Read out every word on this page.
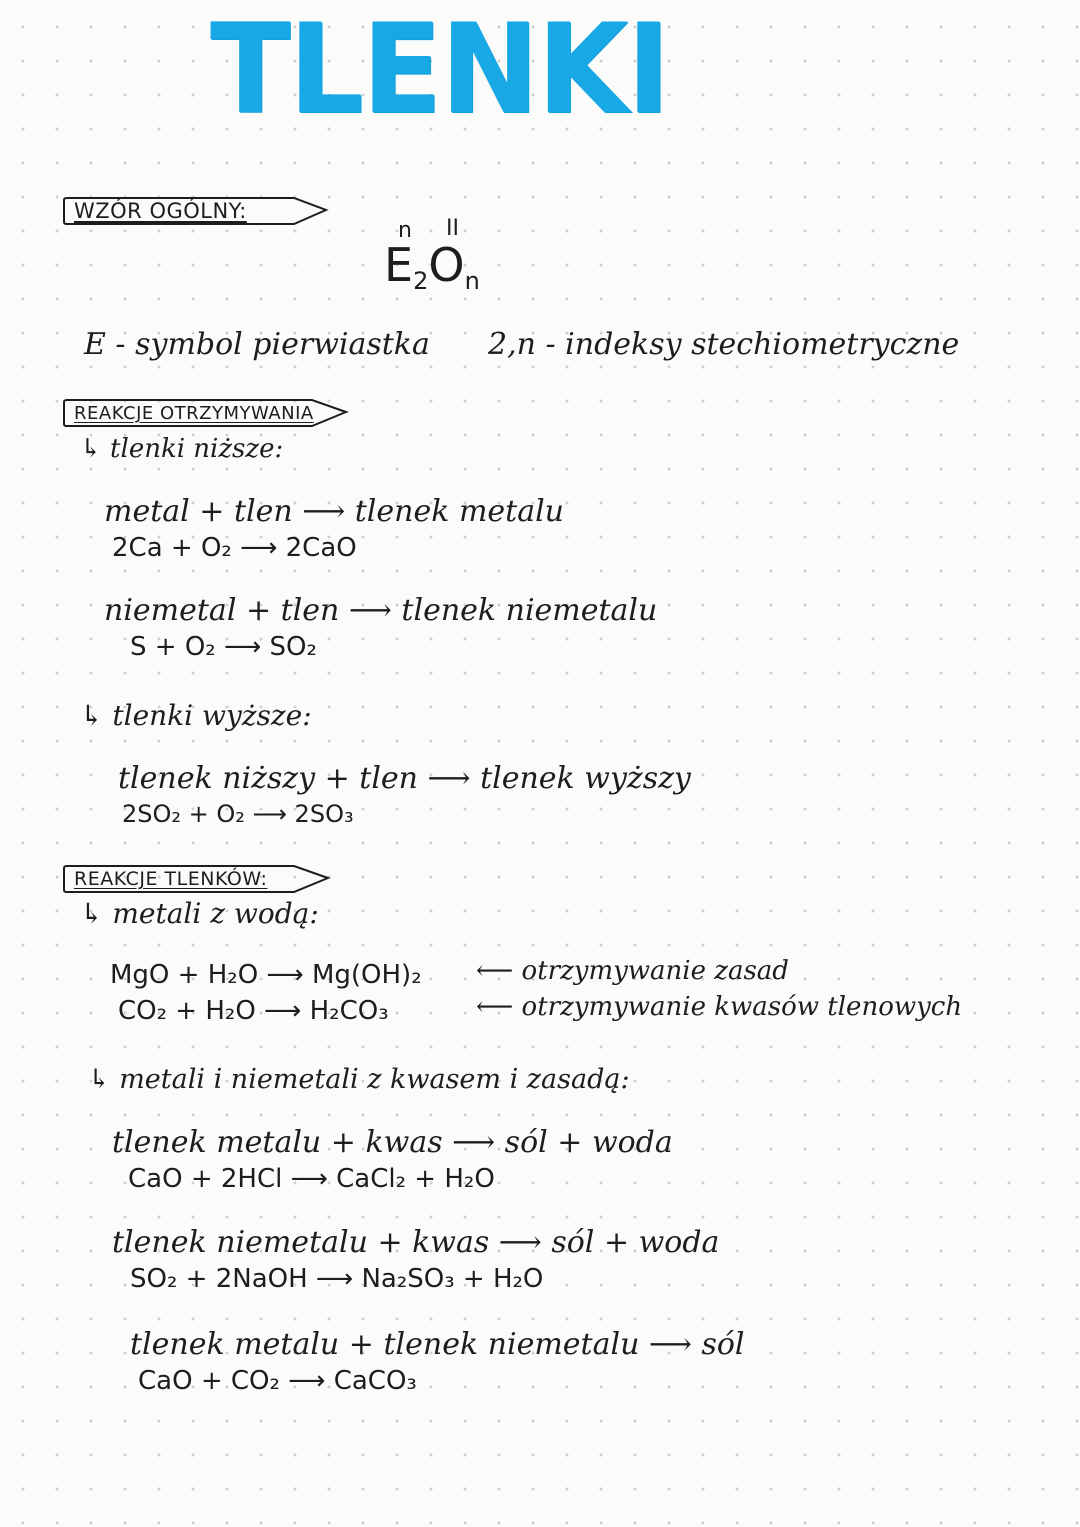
TLENKI
WZÓR OGÓLNY:
n II
$E_2O_n$
E - symbol pierwiastka 2,n - indeksy stechiometryczne
REAKCJE OTRZYMYWANIA
↳ tlenki niższe:
metal + tlen ⟶ tlenek metalu
2Ca + O₂ ⟶ 2CaO
niemetal + tlen ⟶ tlenek niemetalu
S + O₂ ⟶ SO₂
↳ tlenki wyższe:
tlenek niższy + tlen ⟶ tlenek wyższy
2SO₂ + O₂ ⟶ 2SO₃
REAKCJE TLENKÓW:
↳ metali z wodą:
MgO + H₂O ⟶ Mg(OH)₂ ⟵ otrzymywanie zasad
CO₂ + H₂O ⟶ H₂CO₃	⟵ otrzymywanie kwasów tlenowych
↳ metali i niemetali z kwasem i zasadą:
tlenek metalu + kwas ⟶ sól + woda
CaO + 2HCl ⟶ CaCl₂ + H₂O
tlenek niemetalu + kwas ⟶ sól + woda
SO₂ + 2NaOH ⟶ Na₂SO₃ + H₂O
tlenek metalu + tlenek niemetalu ⟶ sól
CaO + CO₂ ⟶ CaCO₃
